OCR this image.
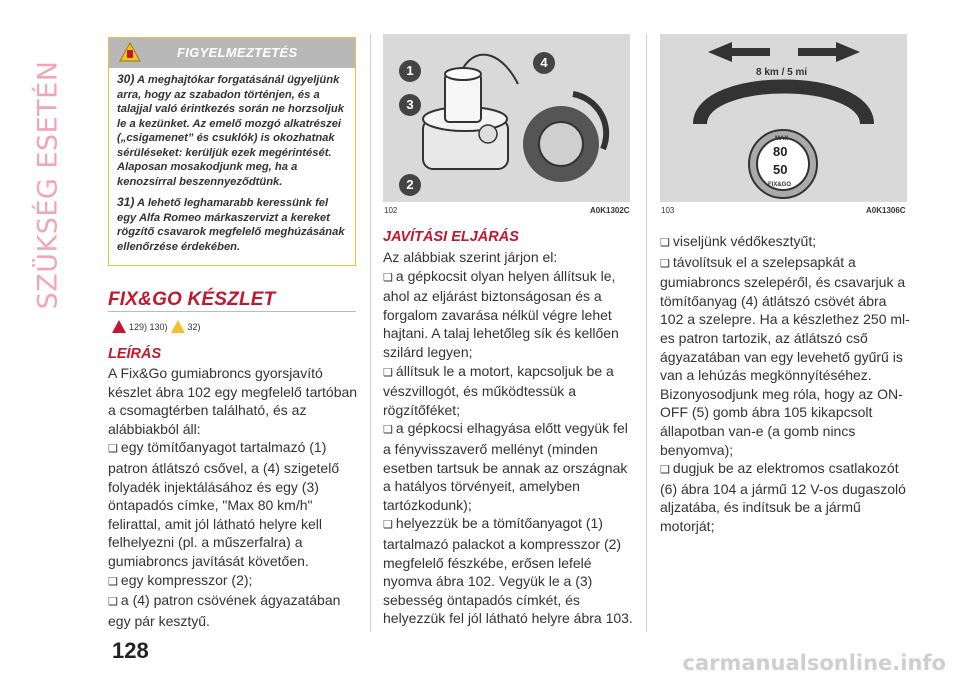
SZÜKSÉG ESETÉN
FIGYELMEZTETÉS

30) A meghajtókar forgatásánál ügyeljünk arra, hogy az szabadon történjen, és a talajjal való érintkezés során ne horzsoljuk le a kezünket. Az emelő mozgó alkatrészei („csigamenet” és csuklók) is okozhatnak sérüléseket: kerüljük ezek megérintését. Alaposan mosakodjunk meg, ha a kenozsírral beszennyeződtünk.

31) A lehető leghamarabb keressünk fel egy Alfa Romeo márkaszervizt a kereket rögzítő csavarok megfelelő meghúzásának ellenőrzése érdekében.

FIX&GO KÉSZLET
129) 130) 32)
LEÍRÁS

A Fix&Go gumiabroncs gyorsjavító készlet ábra 102 egy megfelelő tartóban a csomagtérben található, és az alábbiakból áll:

❑ egy tömítőanyagot tartalmazó (1) patron átlátszó csővel, a (4) szigetelő folyadék injektálásához és egy (3) öntapadós címke, "Max 80 km/h" felirattal, amit jól látható helyre kell felhelyezni (pl. a műszerfalra) a gumiabroncs javítását követően.

❑ egy kompresszor (2);

❑ a (4) patron csövének ágyazatában egy pár kesztyű.

1
2
3
4
102	A0K1302C
JAVÍTÁSI ELJÁRÁS

Az alábbiak szerint járjon el:

❑ a gépkocsit olyan helyen állítsuk le, ahol az eljárást biztonságosan és a forgalom zavarása nélkül végre lehet hajtani. A talaj lehetőleg sík és kellően szilárd legyen;

❑ állítsuk le a motort, kapcsoljuk be a vészvillogót, és működtessük a rögzítőféket;

❑ a gépkocsi elhagyása előtt vegyük fel a fényvisszaverő mellényt (minden esetben tartsuk be annak az országnak a hatályos törvényeit, amelyben tartózkodunk);

❑ helyezzük be a tömítőanyagot (1) tartalmazó palackot a kompresszor (2) megfelelő fészkébe, erősen lefelé nyomva ábra 102. Vegyük le a (3) sebesség öntapadós címkét, és helyezzük fel jól látható helyre ábra 103.

8 km / 5 mi
MAX
80
50
FIX&GO
103	A0K1306C

❑ viseljünk védőkesztyűt;

❑ távolítsuk el a szelepsapkát a gumiabroncs szelepéről, és csavarjuk a tömítőanyag (4) átlátszó csövét ábra 102 a szelepre. Ha a készlethez 250 ml-es patron tartozik, az átlátszó cső ágyazatában van egy levehető gyűrű is van a lehúzás megkönnyítéséhez. Bizonyosodjunk meg róla, hogy az ON-OFF (5) gomb ábra 105 kikapcsolt állapotban van-e (a gomb nincs benyomva);

❑ dugjuk be az elektromos csatlakozót (6) ábra 104 a jármű 12 V-os dugaszoló aljzatába, és indítsuk be a jármű motorját;

128	carmanualsonline.info
